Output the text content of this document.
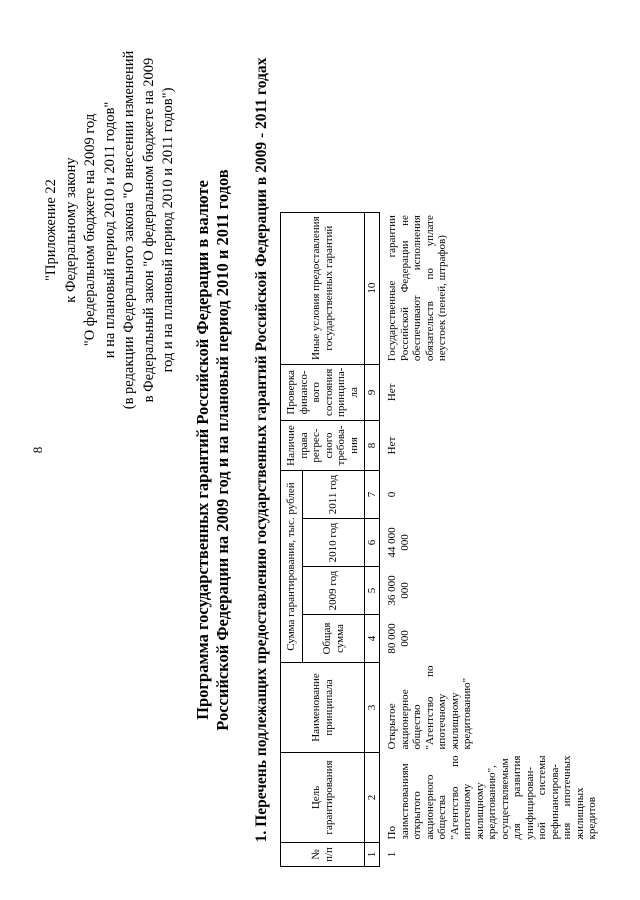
8
"Приложение 22 к Федеральному закону "О федеральном бюджете на 2009 год и на плановый период 2010 и 2011 годов" (в редакции Федерального закона "О внесении изменений в Федеральный закон "О федеральном бюджете на 2009 год и на плановый период 2010 и 2011 годов") Программа государственных гарантий Российской Федерации в валюте Российской Федерации на 2009 год и на плановый период 2010 и 2011 годов 1. Перечень подлежащих предоставлению государственных гарантий Российской Федерации в 2009 - 2011 годах
№ п/п	Цель гарантирования	Наименование принципала	Сумма гарантирования, тыс. рублей				Наличие права регрес- сного требова- ния	Проверка финансо- вого состояния принципа- ла	Иные условия предоставления государственных гарантий
			Общая сумма	2009 год	2010 год	2011 год			
1	2	3	4	5	6	7	8	9	10
1	По заимствованиям открытого акционерного общества "Агентство по ипотечному жилищному кредитованию", осуществляемым для развития унифицирован- ной системы рефинансирова- ния ипотечных жилищных кредитов	Открытое акционерное общество "Агентство по ипотечному жилищному кредитованию"	80 000 000	36 000 000	44 000 000	0	Нет	Нет	Государственные гарантии Российской Федерации не обеспечивают исполнения обязательств по уплате неустоек (пеней, штрафов)
